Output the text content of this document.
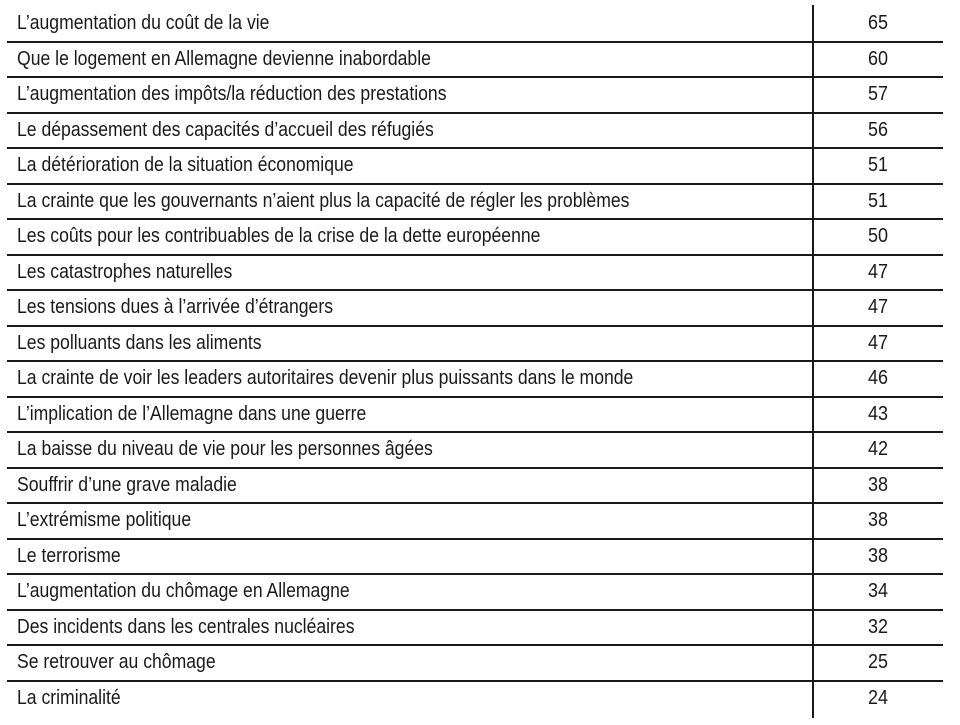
L’augmentation du coût de la vie	65
Que le logement en Allemagne devienne inabordable	60
L’augmentation des impôts/la réduction des prestations	57
Le dépassement des capacités d’accueil des réfugiés	56
La détérioration de la situation économique	51
La crainte que les gouvernants n’aient plus la capacité de régler les problèmes	51
Les coûts pour les contribuables de la crise de la dette européenne	50
Les catastrophes naturelles	47
Les tensions dues à l’arrivée d’étrangers	47
Les polluants dans les aliments	47
La crainte de voir les leaders autoritaires devenir plus puissants dans le monde	46
L’implication de l’Allemagne dans une guerre	43
La baisse du niveau de vie pour les personnes âgées	42
Souffrir d’une grave maladie	38
L’extrémisme politique	38
Le terrorisme	38
L’augmentation du chômage en Allemagne	34
Des incidents dans les centrales nucléaires	32
Se retrouver au chômage	25
La criminalité	24
